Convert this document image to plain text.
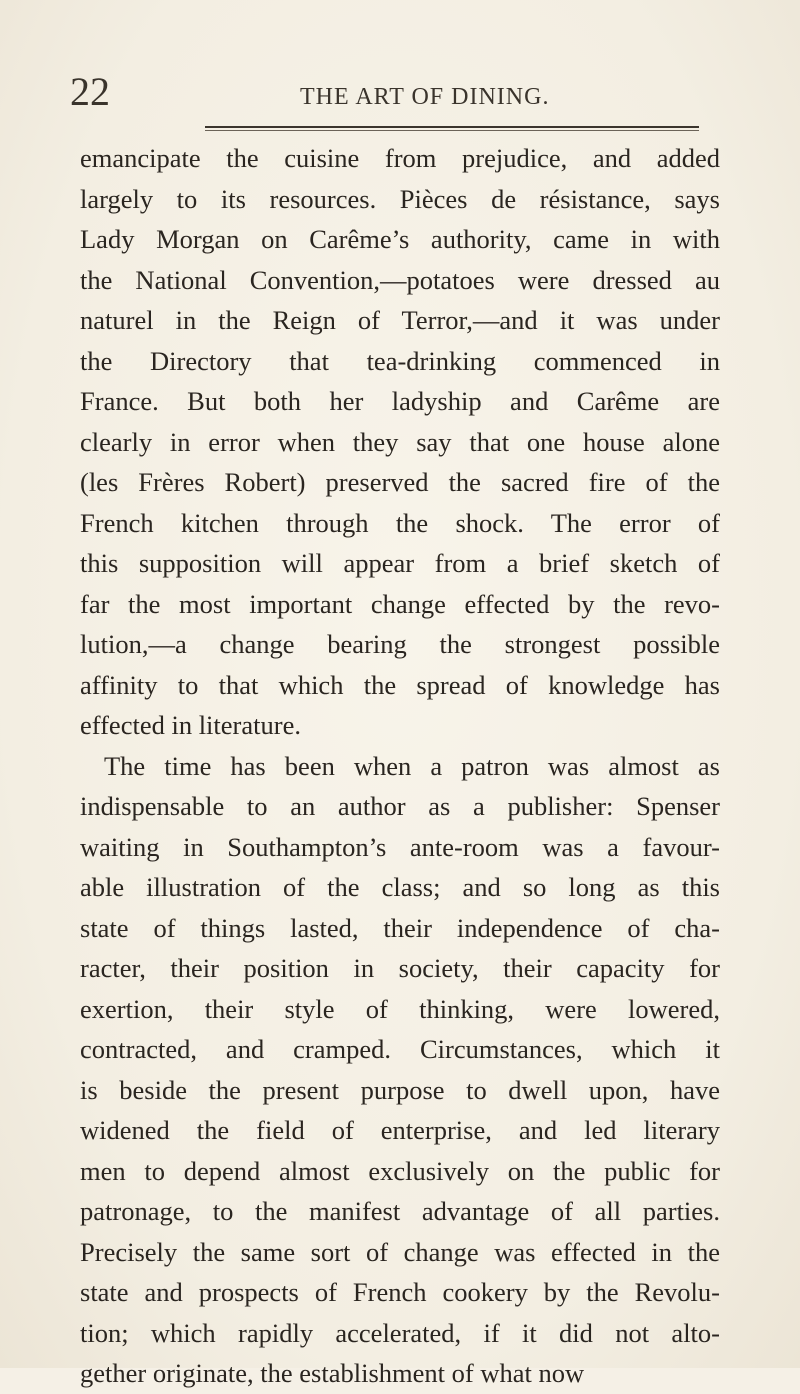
22	THE ART OF DINING.
emancipate the cuisine from prejudice, and added
largely to its resources. Pièces de résistance, says
Lady Morgan on Carême’s authority, came in with
the National Convention,—potatoes were dressed au
naturel in the Reign of Terror,—and it was under
the Directory that tea-drinking commenced in
France. But both her ladyship and Carême are
clearly in error when they say that one house alone
(les Frères Robert) preserved the sacred fire of the
French kitchen through the shock. The error of
this supposition will appear from a brief sketch of
far the most important change effected by the revo-
lution,—a change bearing the strongest possible
affinity to that which the spread of knowledge has
effected in literature.
The time has been when a patron was almost as
indispensable to an author as a publisher: Spenser
waiting in Southampton’s ante-room was a favour-
able illustration of the class; and so long as this
state of things lasted, their independence of cha-
racter, their position in society, their capacity for
exertion, their style of thinking, were lowered,
contracted, and cramped. Circumstances, which it
is beside the present purpose to dwell upon, have
widened the field of enterprise, and led literary
men to depend almost exclusively on the public for
patronage, to the manifest advantage of all parties.
Precisely the same sort of change was effected in the
state and prospects of French cookery by the Revolu-
tion; which rapidly accelerated, if it did not alto-
gether originate, the establishment of what now
